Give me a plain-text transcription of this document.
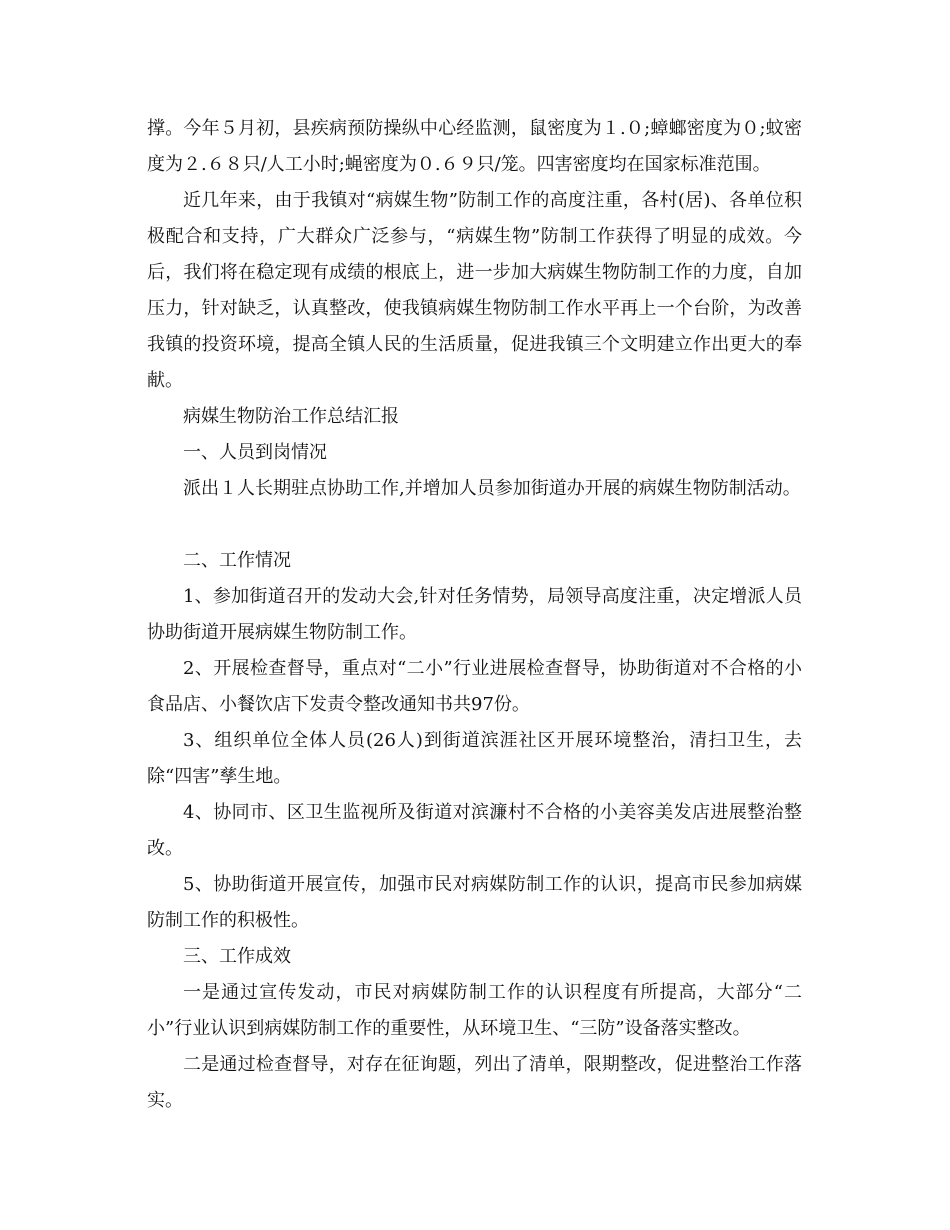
撑。今年５月初，县疾病预防操纵中心经监测，鼠密度为１.０;蟑螂密度为０;蚊密度为２.６８只/人工小时;蝇密度为０.６９只/笼。四害密度均在国家标准范围。

近几年来，由于我镇对“病媒生物”防制工作的高度注重，各村(居)、各单位积极配合和支持，广大群众广泛参与，“病媒生物”防制工作获得了明显的成效。今后，我们将在稳定现有成绩的根底上，进一步加大病媒生物防制工作的力度，自加压力，针对缺乏，认真整改，使我镇病媒生物防制工作水平再上一个台阶，为改善我镇的投资环境，提高全镇人民的生活质量，促进我镇三个文明建立作出更大的奉献。

病媒生物防治工作总结汇报

一、人员到岗情况

派出１人长期驻点协助工作,并增加人员参加街道办开展的病媒生物防制活动。

二、工作情况

1、参加街道召开的发动大会,针对任务情势，局领导高度注重，决定增派人员协助街道开展病媒生物防制工作。

2、开展检查督导，重点对“二小”行业进展检查督导，协助街道对不合格的小食品店、小餐饮店下发责令整改通知书共97份。

3、组织单位全体人员(26人)到街道滨涯社区开展环境整治，清扫卫生，去除“四害”孳生地。

4、协同市、区卫生监视所及街道对滨濂村不合格的小美容美发店进展整治整改。

5、协助街道开展宣传，加强市民对病媒防制工作的认识，提高市民参加病媒防制工作的积极性。

三、工作成效

一是通过宣传发动，市民对病媒防制工作的认识程度有所提高，大部分“二小”行业认识到病媒防制工作的重要性，从环境卫生、“三防”设备落实整改。

二是通过检查督导，对存在征询题，列出了清单，限期整改，促进整治工作落实。
